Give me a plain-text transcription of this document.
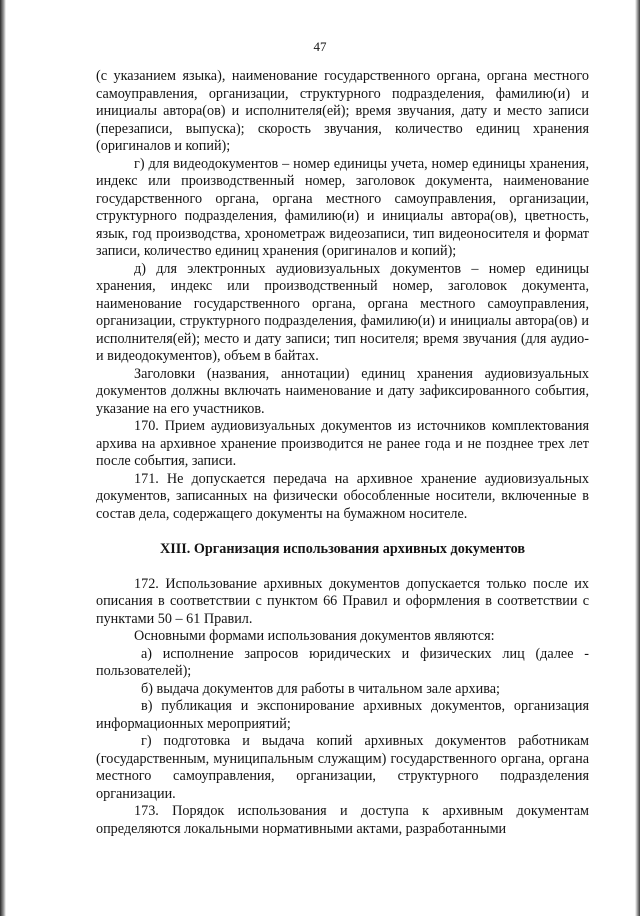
47

(с указанием языка), наименование государственного органа, органа местного самоуправления, организации, структурного подразделения, фамилию(и) и инициалы автора(ов) и исполнителя(ей); время звучания, дату и место записи (перезаписи, выпуска); скорость звучания, количество единиц хранения (оригиналов и копий);

г) для видеодокументов – номер единицы учета, номер единицы хранения, индекс или производственный номер, заголовок документа, наименование государственного органа, органа местного самоуправления, организации, структурного подразделения, фамилию(и) и инициалы автора(ов), цветность, язык, год производства, хронометраж видеозаписи, тип видеоносителя и формат записи, количество единиц хранения (оригиналов и копий);

д) для электронных аудиовизуальных документов – номер единицы хранения, индекс или производственный номер, заголовок документа, наименование государственного органа, органа местного самоуправления, организации, структурного подразделения, фамилию(и) и инициалы автора(ов) и исполнителя(ей); место и дату записи; тип носителя; время звучания (для аудио- и видеодокументов), объем в байтах.

Заголовки (названия, аннотации) единиц хранения аудиовизуальных документов должны включать наименование и дату зафиксированного события, указание на его участников.

170. Прием аудиовизуальных документов из источников комплектования архива на архивное хранение производится не ранее года и не позднее трех лет после события, записи.

171. Не допускается передача на архивное хранение аудиовизуальных документов, записанных на физически обособленные носители, включенные в состав дела, содержащего документы на бумажном носителе.

XIII. Организация использования архивных документов

172. Использование архивных документов допускается только после их описания в соответствии с пунктом 66 Правил и оформления в соответствии с пунктами 50 – 61 Правил.

Основными формами использования документов являются:

а) исполнение запросов юридических и физических лиц (далее - пользователей);

б) выдача документов для работы в читальном зале архива;

в) публикация и экспонирование архивных документов, организация информационных мероприятий;

г) подготовка и выдача копий архивных документов работникам (государственным, муниципальным служащим) государственного органа, органа местного самоуправления, организации, структурного подразделения организации.

173. Порядок использования и доступа к архивным документам определяются локальными нормативными актами, разработанными
